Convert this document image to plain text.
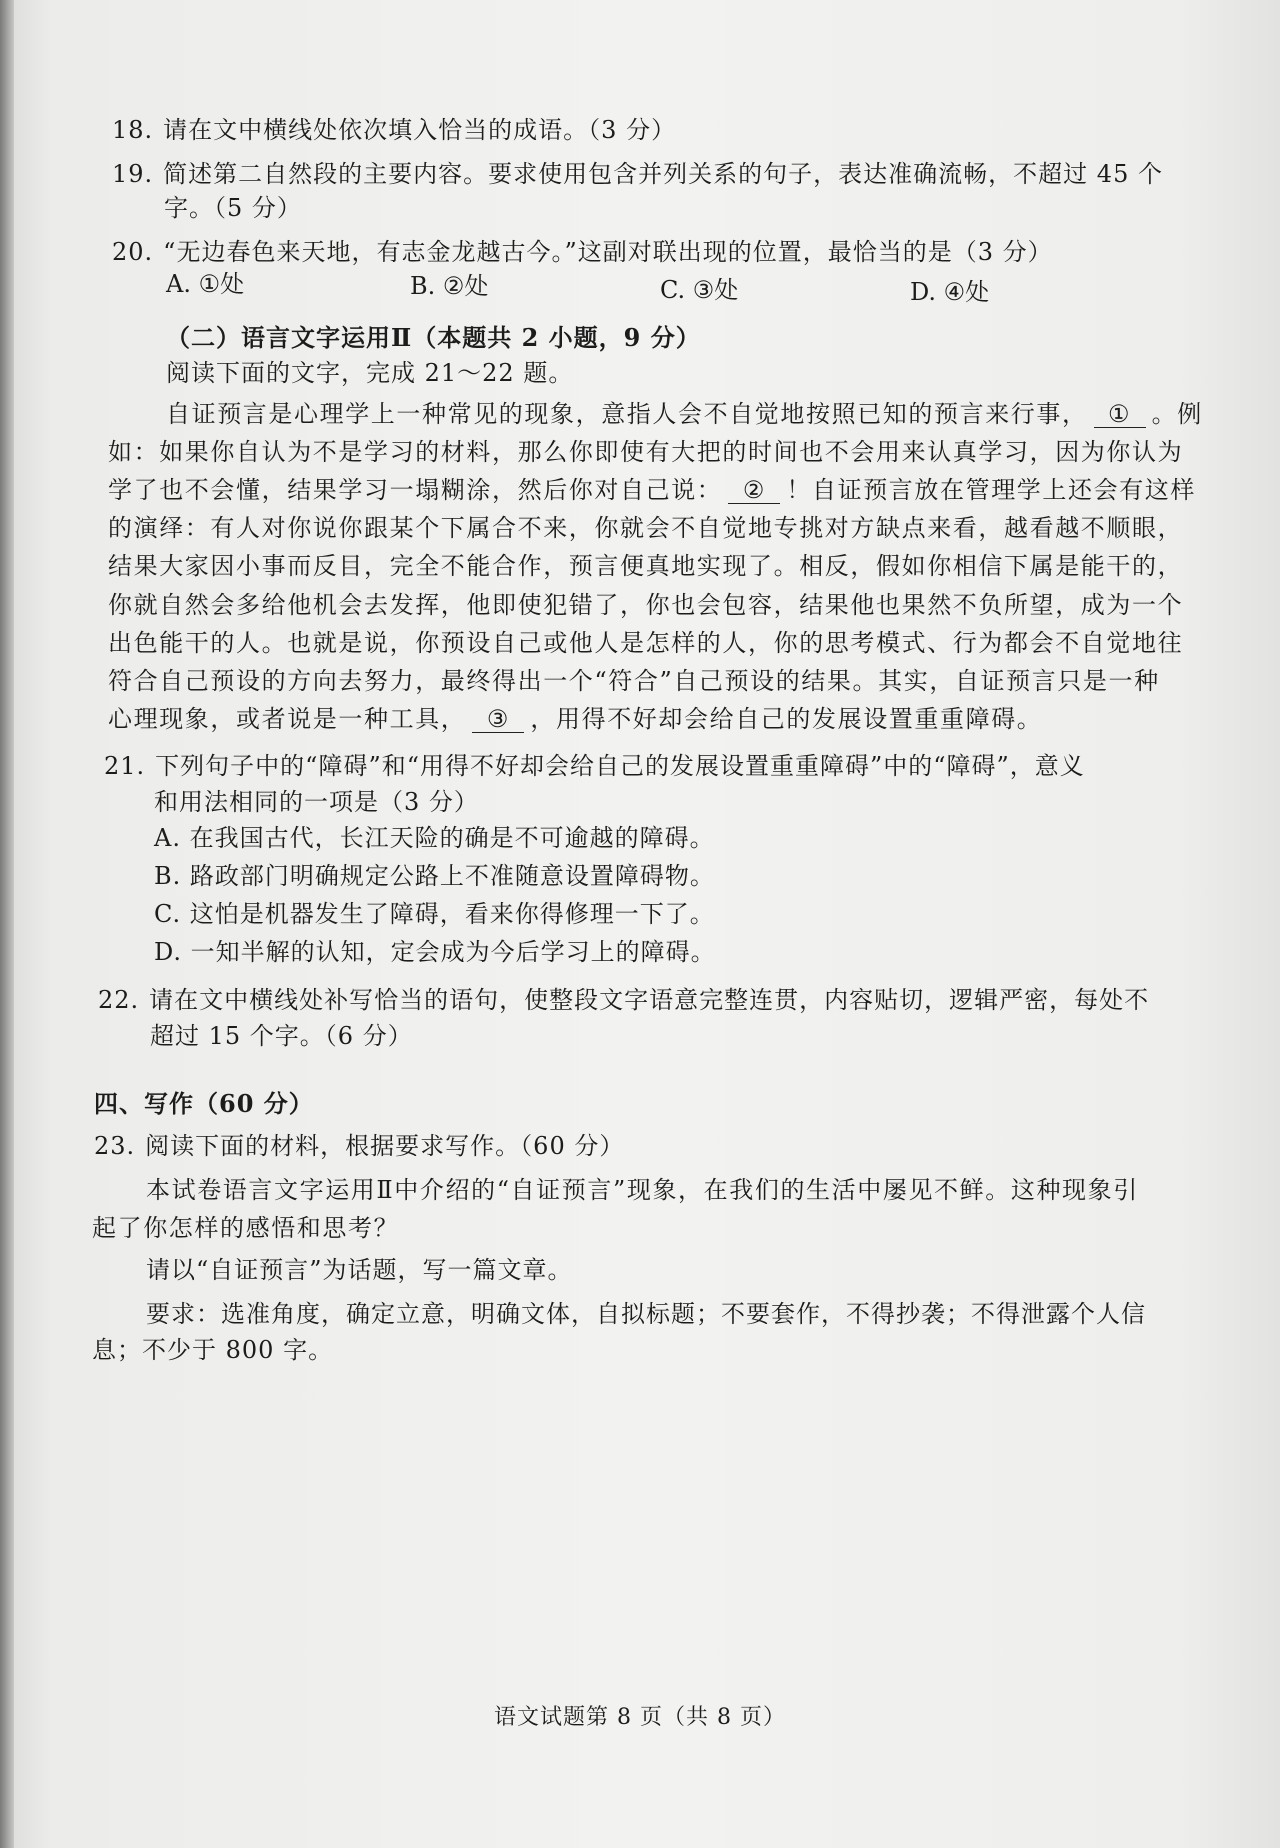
18. 请在文中横线处依次填入恰当的成语。（3 分）
19. 简述第二自然段的主要内容。要求使用包含并列关系的句子，表达准确流畅，不超过 45 个
字。（5 分）
20. “无边春色来天地，有志金龙越古今。”这副对联出现的位置，最恰当的是（3 分）
A. ①处	B. ②处	C. ③处	D. ④处
（二）语言文字运用Ⅱ（本题共 2 小题，9 分）
阅读下面的文字，完成 21～22 题。
自证预言是心理学上一种常见的现象，意指人会不自觉地按照已知的预言来行事， ① 。例
如：如果你自认为不是学习的材料，那么你即使有大把的时间也不会用来认真学习，因为你认为
学了也不会懂，结果学习一塌糊涂，然后你对自己说： ② ！自证预言放在管理学上还会有这样
的演绎：有人对你说你跟某个下属合不来，你就会不自觉地专挑对方缺点来看，越看越不顺眼，
结果大家因小事而反目，完全不能合作，预言便真地实现了。相反，假如你相信下属是能干的，
你就自然会多给他机会去发挥，他即使犯错了，你也会包容，结果他也果然不负所望，成为一个
出色能干的人。也就是说，你预设自己或他人是怎样的人，你的思考模式、行为都会不自觉地往
符合自己预设的方向去努力，最终得出一个“符合”自己预设的结果。其实，自证预言只是一种
心理现象，或者说是一种工具， ③ ，用得不好却会给自己的发展设置重重障碍。
21. 下列句子中的“障碍”和“用得不好却会给自己的发展设置重重障碍”中的“障碍”，意义
和用法相同的一项是（3 分）
A. 在我国古代，长江天险的确是不可逾越的障碍。
B. 路政部门明确规定公路上不准随意设置障碍物。
C. 这怕是机器发生了障碍，看来你得修理一下了。
D. 一知半解的认知，定会成为今后学习上的障碍。
22. 请在文中横线处补写恰当的语句，使整段文字语意完整连贯，内容贴切，逻辑严密，每处不
超过 15 个字。（6 分）
四、写作（60 分）
23. 阅读下面的材料，根据要求写作。（60 分）
本试卷语言文字运用Ⅱ中介绍的“自证预言”现象，在我们的生活中屡见不鲜。这种现象引
起了你怎样的感悟和思考？
请以“自证预言”为话题，写一篇文章。
要求：选准角度，确定立意，明确文体，自拟标题；不要套作，不得抄袭；不得泄露个人信
息；不少于 800 字。
语文试题第 8 页（共 8 页）
